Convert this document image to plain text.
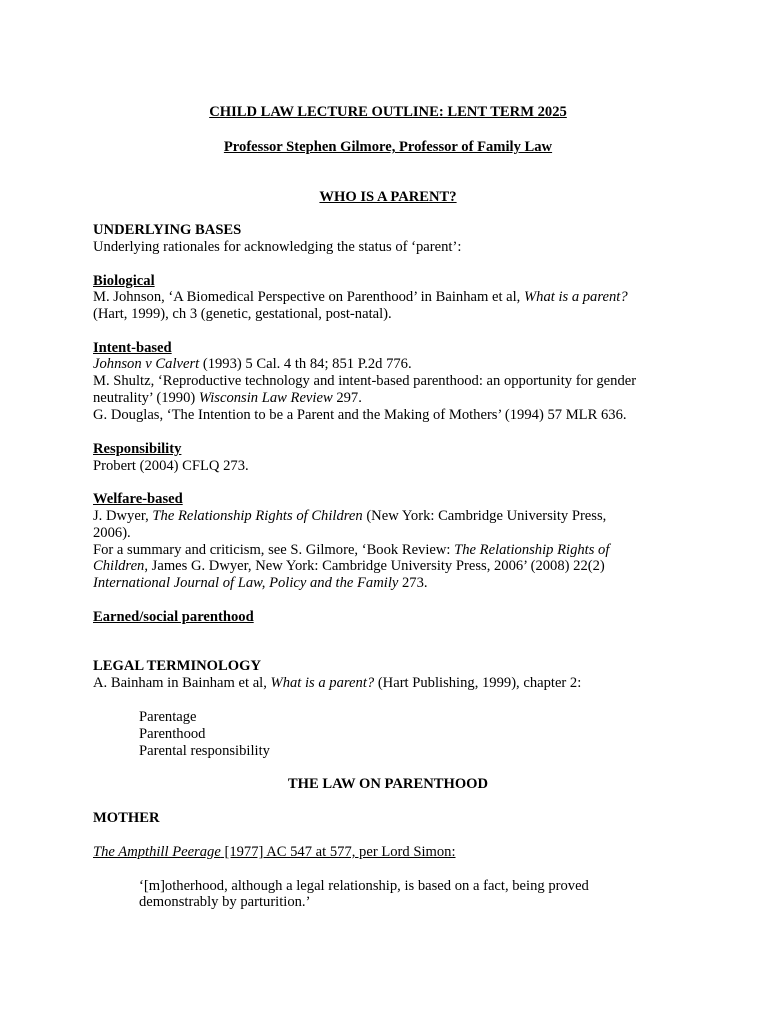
CHILD LAW LECTURE OUTLINE: LENT TERM 2025
Professor Stephen Gilmore, Professor of Family Law
WHO IS A PARENT?
UNDERLYING BASES
Underlying rationales for acknowledging the status of ‘parent’:
Biological
M. Johnson, ‘A Biomedical Perspective on Parenthood’ in Bainham et al, What is a parent?
(Hart, 1999), ch 3 (genetic, gestational, post-natal).
Intent-based
Johnson v Calvert (1993) 5 Cal. 4 th 84; 851 P.2d 776.
M. Shultz, ‘Reproductive technology and intent-based parenthood: an opportunity for gender
neutrality’ (1990) Wisconsin Law Review 297.
G. Douglas, ‘The Intention to be a Parent and the Making of Mothers’ (1994) 57 MLR 636.
Responsibility
Probert (2004) CFLQ 273.
Welfare-based
J. Dwyer, The Relationship Rights of Children (New York: Cambridge University Press,
2006).
For a summary and criticism, see S. Gilmore, ‘Book Review: The Relationship Rights of
Children, James G. Dwyer, New York: Cambridge University Press, 2006’ (2008) 22(2)
International Journal of Law, Policy and the Family 273.
Earned/social parenthood
LEGAL TERMINOLOGY
A. Bainham in Bainham et al, What is a parent? (Hart Publishing, 1999), chapter 2:
Parentage
Parenthood
Parental responsibility
THE LAW ON PARENTHOOD
MOTHER
The Ampthill Peerage [1977] AC 547 at 577, per Lord Simon:
‘[m]otherhood, although a legal relationship, is based on a fact, being proved
demonstrably by parturition.’
